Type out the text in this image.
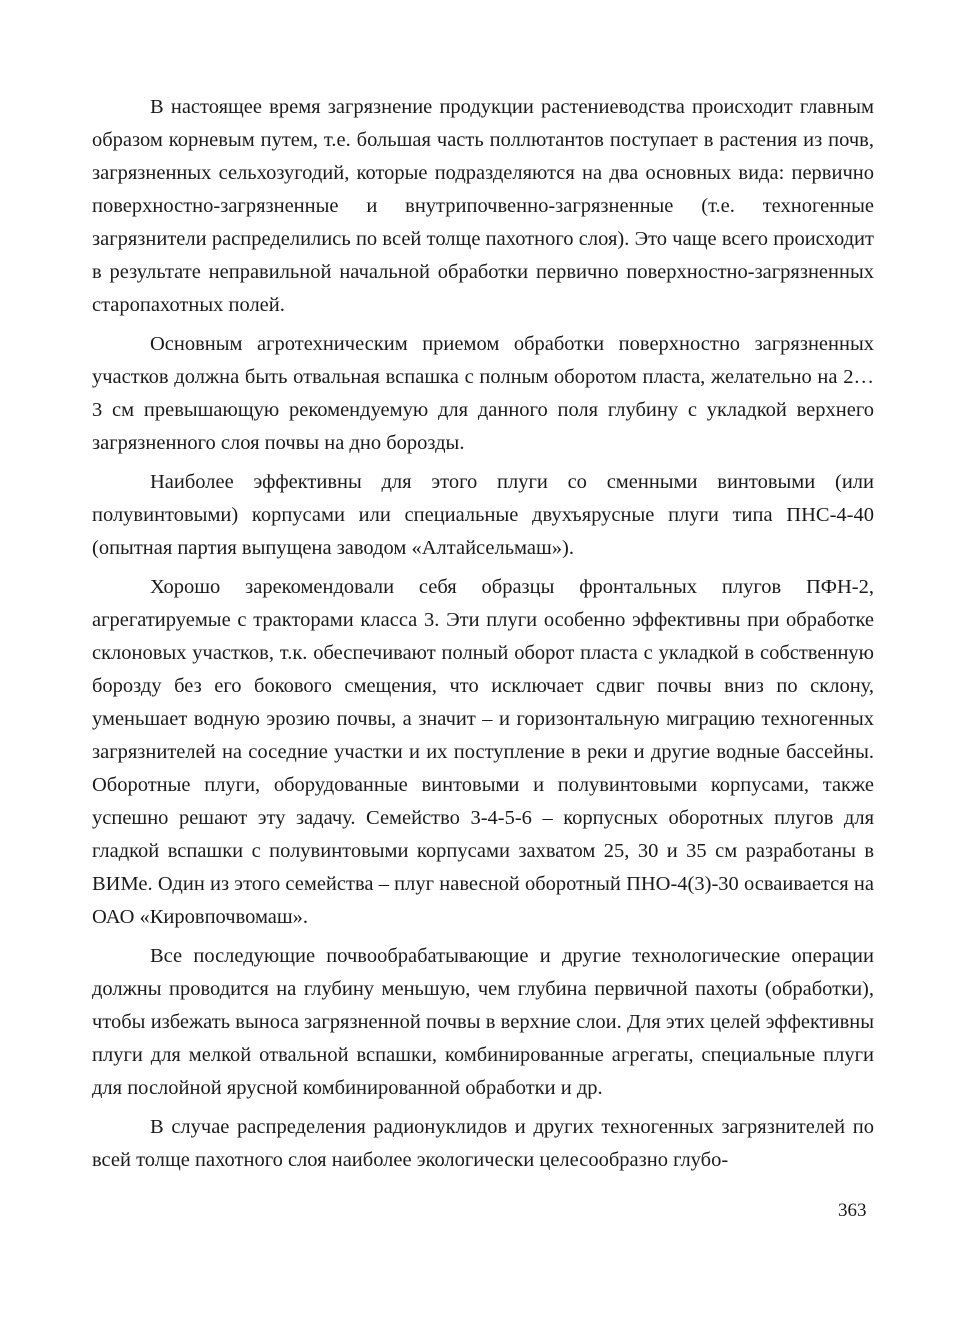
В настоящее время загрязнение продукции растениеводства происходит главным образом корневым путем, т.е. большая часть поллютантов поступает в растения из почв, загрязненных сельхозугодий, которые подразделяются на два основных вида: первично поверхностно-загрязненные и внутрипочвенно-загрязненные (т.е. техногенные загрязнители распределились по всей толще пахотного слоя). Это чаще всего происходит в результате неправильной начальной обработки первично поверхностно-загрязненных старопахотных полей.

Основным агротехническим приемом обработки поверхностно загрязненных участков должна быть отвальная вспашка с полным оборотом пласта, желательно на 2…3 см превышающую рекомендуемую для данного поля глубину с укладкой верхнего загрязненного слоя почвы на дно борозды.

Наиболее эффективны для этого плуги со сменными винтовыми (или полувинтовыми) корпусами или специальные двухъярусные плуги типа ПНС-4-40 (опытная партия выпущена заводом «Алтайсельмаш»).

Хорошо зарекомендовали себя образцы фронтальных плугов ПФН-2, агрегатируемые с тракторами класса 3. Эти плуги особенно эффективны при обработке склоновых участков, т.к. обеспечивают полный оборот пласта с укладкой в собственную борозду без его бокового смещения, что исключает сдвиг почвы вниз по склону, уменьшает водную эрозию почвы, а значит – и горизонтальную миграцию техногенных загрязнителей на соседние участки и их поступление в реки и другие водные бассейны. Оборотные плуги, оборудованные винтовыми и полувинтовыми корпусами, также успешно решают эту задачу. Семейство 3-4-5-6 – корпусных оборотных плугов для гладкой вспашки с полувинтовыми корпусами захватом 25, 30 и 35 см разработаны в ВИМе. Один из этого семейства – плуг навесной оборотный ПНО-4(3)-30 осваивается на ОАО «Кировпочвомаш».

Все последующие почвообрабатывающие и другие технологические операции должны проводится на глубину меньшую, чем глубина первичной пахоты (обработки), чтобы избежать выноса загрязненной почвы в верхние слои. Для этих целей эффективны плуги для мелкой отвальной вспашки, комбинированные агрегаты, специальные плуги для послойной ярусной комбинированной обработки и др.

В случае распределения радионуклидов и других техногенных загрязнителей по всей толще пахотного слоя наиболее экологически целесообразно глубо-

363
